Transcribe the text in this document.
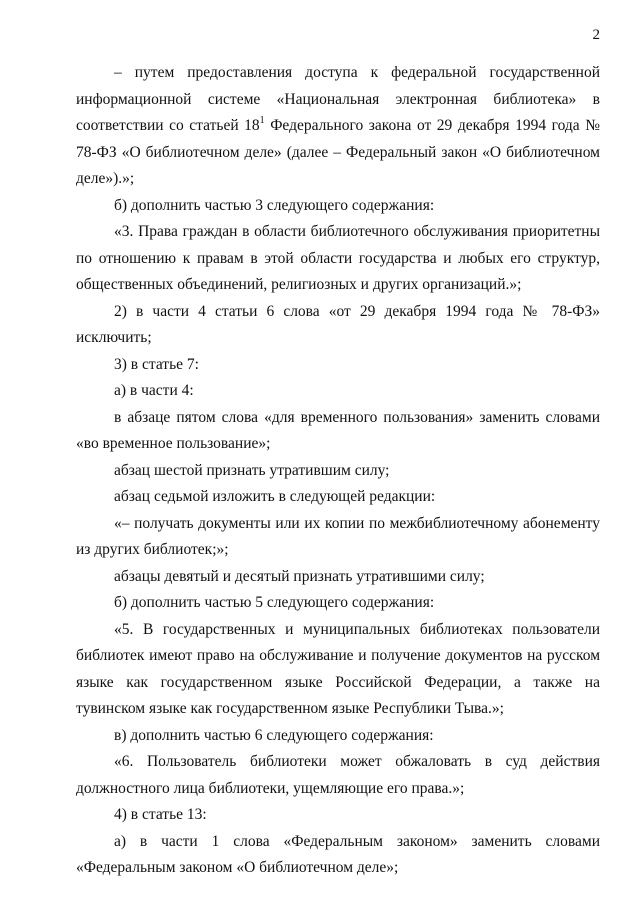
2

– путем предоставления доступа к федеральной государственной информационной системе «Национальная электронная библиотека» в соответствии со статьей $18^1$ Федерального закона от 29 декабря 1994 года № 78-ФЗ «О библиотечном деле» (далее – Федеральный закон «О библиотечном деле»).»;

б) дополнить частью 3 следующего содержания:

«3. Права граждан в области библиотечного обслуживания приоритетны по отношению к правам в этой области государства и любых его структур, общественных объединений, религиозных и других организаций.»;

2) в части 4 статьи 6 слова «от 29 декабря 1994 года № 78-ФЗ» исключить;

3) в статье 7:

а) в части 4:

в абзаце пятом слова «для временного пользования» заменить словами «во временное пользование»;

абзац шестой признать утратившим силу;

абзац седьмой изложить в следующей редакции:

«– получать документы или их копии по межбиблиотечному абонементу из других библиотек;»;

абзацы девятый и десятый признать утратившими силу;

б) дополнить частью 5 следующего содержания:

«5. В государственных и муниципальных библиотеках пользователи библиотек имеют право на обслуживание и получение документов на русском языке как государственном языке Российской Федерации, а также на тувинском языке как государственном языке Республики Тыва.»;

в) дополнить частью 6 следующего содержания:

«6. Пользователь библиотеки может обжаловать в суд действия должностного лица библиотеки, ущемляющие его права.»;

4) в статье 13:

а) в части 1 слова «Федеральным законом» заменить словами «Федеральным законом «О библиотечном деле»;
